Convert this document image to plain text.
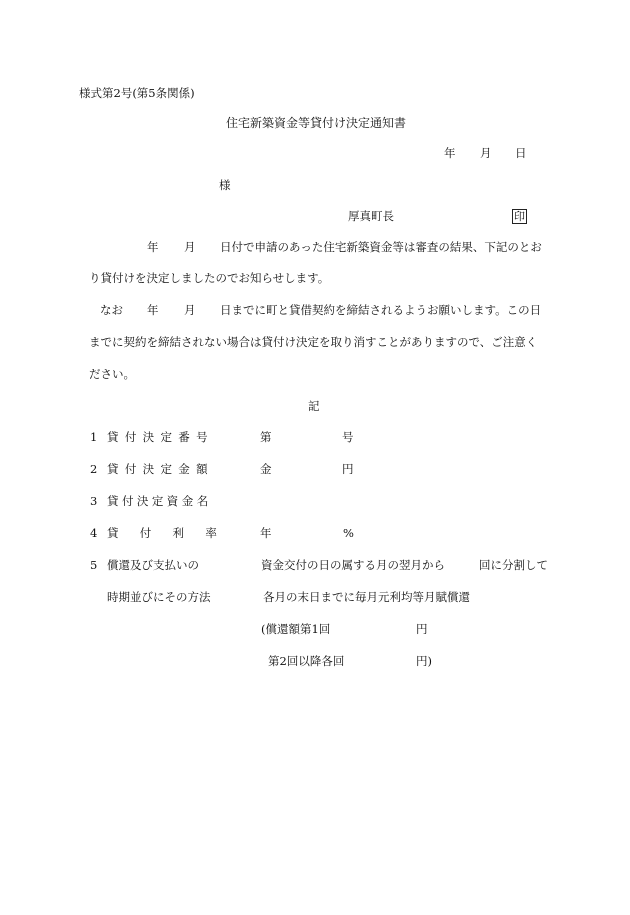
様式第2号(第5条関係)
住宅新築資金等貸付け決定通知書
年 月 日
様
厚真町長	印
年 月 日付で申請のあった住宅新築資金等は審査の結果、下記のとお
り貸付けを決定しましたのでお知らせします。
なお 年 月 日までに町と貸借契約を締結されるようお願いします。この日
までに契約を締結されない場合は貸付け決定を取り消すことがありますので、ご注意く
ださい。
記
1 貸付決定番号	第	号
2 貸付決定金額	金	円
3 貸付決定資金名
4 貸付利率 年	%
5 償還及び支払いの	資金交付の日の属する月の翌月から	回に分割して
時期並びにその方法	各月の末日までに毎月元利均等月賦償還
(償還額第1回	円
第2回以降各回	円)
